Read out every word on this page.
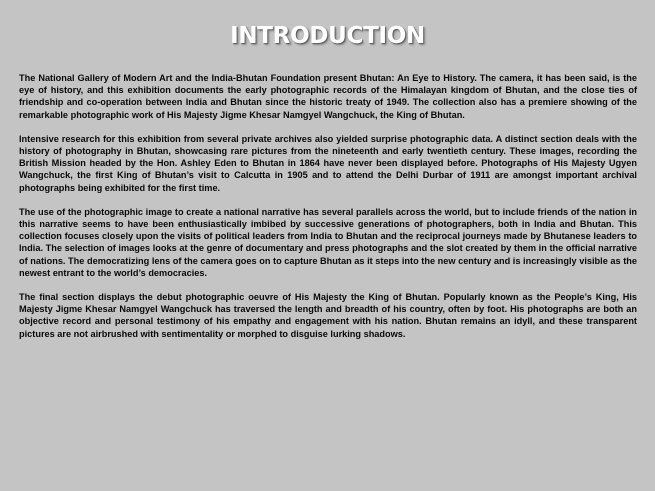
INTRODUCTION

The National Gallery of Modern Art and the India-Bhutan Foundation present Bhutan: An Eye to History. The camera, it has been said, is the eye of history, and this exhibition documents the early photographic records of the Himalayan kingdom of Bhutan, and the close ties of friendship and co-operation between India and Bhutan since the historic treaty of 1949. The collection also has a premiere showing of the remarkable photographic work of His Majesty Jigme Khesar Namgyel Wangchuck, the King of Bhutan.

Intensive research for this exhibition from several private archives also yielded surprise photographic data. A distinct section deals with the history of photography in Bhutan, showcasing rare pictures from the nineteenth and early twentieth century. These images, recording the British Mission headed by the Hon. Ashley Eden to Bhutan in 1864 have never been displayed before. Photographs of His Majesty Ugyen Wangchuck, the first King of Bhutan’s visit to Calcutta in 1905 and to attend the Delhi Durbar of 1911 are amongst important archival photographs being exhibited for the first time.

The use of the photographic image to create a national narrative has several parallels across the world, but to include friends of the nation in this narrative seems to have been enthusiastically imbibed by successive generations of photographers, both in India and Bhutan. This collection focuses closely upon the visits of political leaders from India to Bhutan and the reciprocal journeys made by Bhutanese leaders to India. The selection of images looks at the genre of documentary and press photographs and the slot created by them in the official narrative of nations. The democratizing lens of the camera goes on to capture Bhutan as it steps into the new century and is increasingly visible as the newest entrant to the world’s democracies.

The final section displays the debut photographic oeuvre of His Majesty the King of Bhutan. Popularly known as the People’s King, His Majesty Jigme Khesar Namgyel Wangchuck has traversed the length and breadth of his country, often by foot. His photographs are both an objective record and personal testimony of his empathy and engagement with his nation. Bhutan remains an idyll, and these transparent pictures are not airbrushed with sentimentality or morphed to disguise lurking shadows.
